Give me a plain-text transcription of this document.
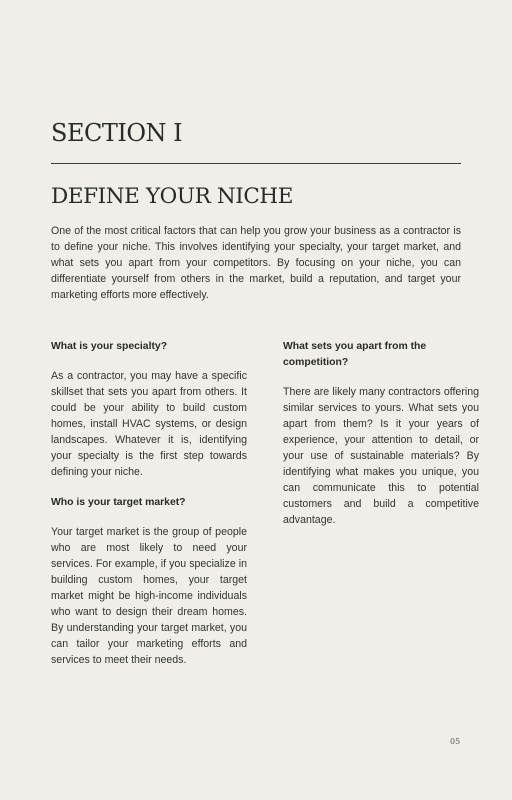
SECTION I
DEFINE YOUR NICHE

One of the most critical factors that can help you grow your business as a contractor is to define your niche. This involves identifying your specialty, your target market, and what sets you apart from your competitors. By focusing on your niche, you can differentiate yourself from others in the market, build a reputation, and target your marketing efforts more effectively.

What is your specialty?

As a contractor, you may have a specific skillset that sets you apart from others. It could be your ability to build custom homes, install HVAC systems, or design landscapes. Whatever it is, identifying your specialty is the first step towards defining your niche.

Who is your target market?

Your target market is the group of people who are most likely to need your services. For example, if you specialize in building custom homes, your target market might be high-income individuals who want to design their dream homes. By understanding your target market, you can tailor your marketing efforts and services to meet their needs.

What sets you apart from the competition?

There are likely many contractors offering similar services to yours. What sets you apart from them? Is it your years of experience, your attention to detail, or your use of sustainable materials? By identifying what makes you unique, you can communicate this to potential customers and build a competitive advantage.

05
